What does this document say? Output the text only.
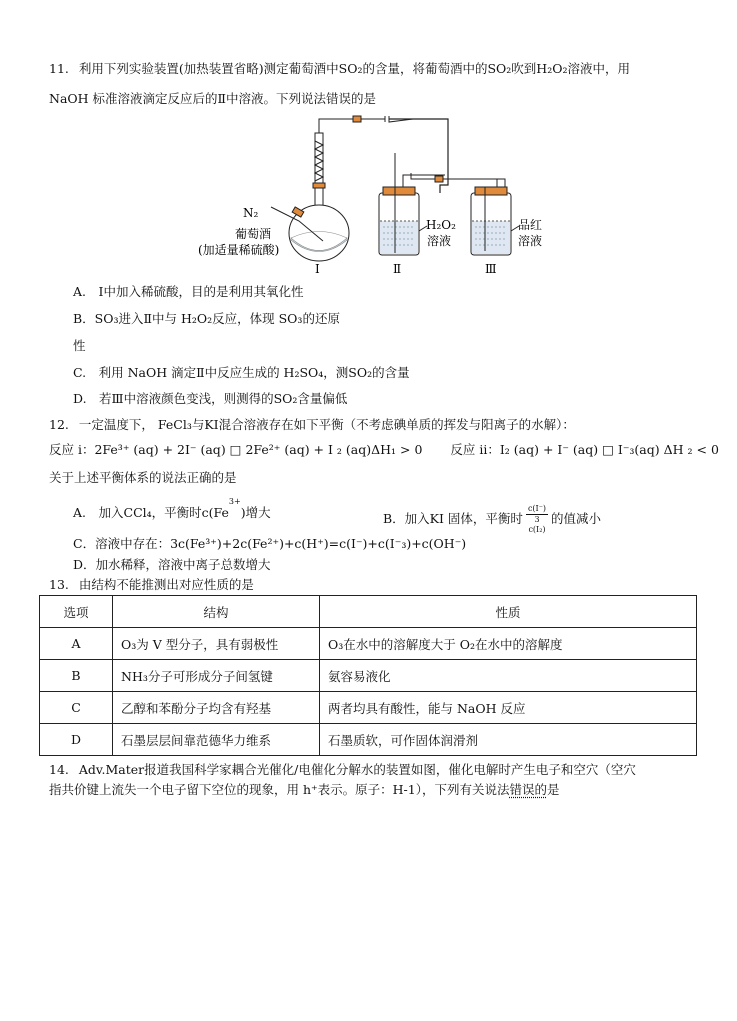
11. 利用下列实验装置(加热装置省略)测定葡萄酒中SO₂的含量，将葡萄酒中的SO₂吹到H₂O₂溶液中，用
NaOH 标准溶液滴定反应后的Ⅱ中溶液。下列说法错误的是
N₂
葡萄酒
(加适量稀硫酸)
H₂O₂
溶液
品红
溶液
Ⅰ	Ⅱ	Ⅲ
A.　Ⅰ中加入稀硫酸，目的是利用其氧化性
B．SO₃进入Ⅱ中与 H₂O₂反应，体现 SO₃的还原
性
C.　利用 NaOH 滴定Ⅱ中反应生成的 H₂SO₄，测SO₂的含量
D.　若Ⅲ中溶液颜色变浅，则测得的SO₂含量偏低
12. 一定温度下， FeCl₃与KI混合溶液存在如下平衡（不考虑碘单质的挥发与阳离子的水解）：
反应 i：2Fe³⁺ (aq) + 2I⁻ (aq) □ 2Fe²⁺ (aq) + I ₂ (aq)ΔH₁ > 0 反应 ii：I₂ (aq) + I⁻ (aq) □ I⁻₃(aq) ΔH ₂ < 0
关于上述平衡体系的说法正确的是
A.　加入CCl₄，平衡时$c(Fe^{3+})$增大	B．加入KI 固体，平衡时
c(I⁻)
3
c(I₂)
的值减小
C．溶液中存在：3c(Fe³⁺)+2c(Fe²⁺)+c(H⁺)=c(I⁻)+c(I⁻₃)+c(OH⁻)
D．加水稀释，溶液中离子总数增大
13. 由结构不能推测出对应性质的是
选项	结构	性质
A	O₃为 V 型分子，具有弱极性	O₃在水中的溶解度大于 O₂在水中的溶解度
B	NH₃分子可形成分子间氢键	氨容易液化
C	乙醇和苯酚分子均含有羟基	两者均具有酸性，能与 NaOH 反应
D	石墨层层间靠范德华力维系	石墨质软，可作固体润滑剂
14. Adv.Mater报道我国科学家耦合光催化/电催化分解水的装置如图，催化电解时产生电子和空穴（空穴
指共价键上流失一个电子留下空位的现象，用 h⁺表示。原子：H-1），下列有关说法错误的是
